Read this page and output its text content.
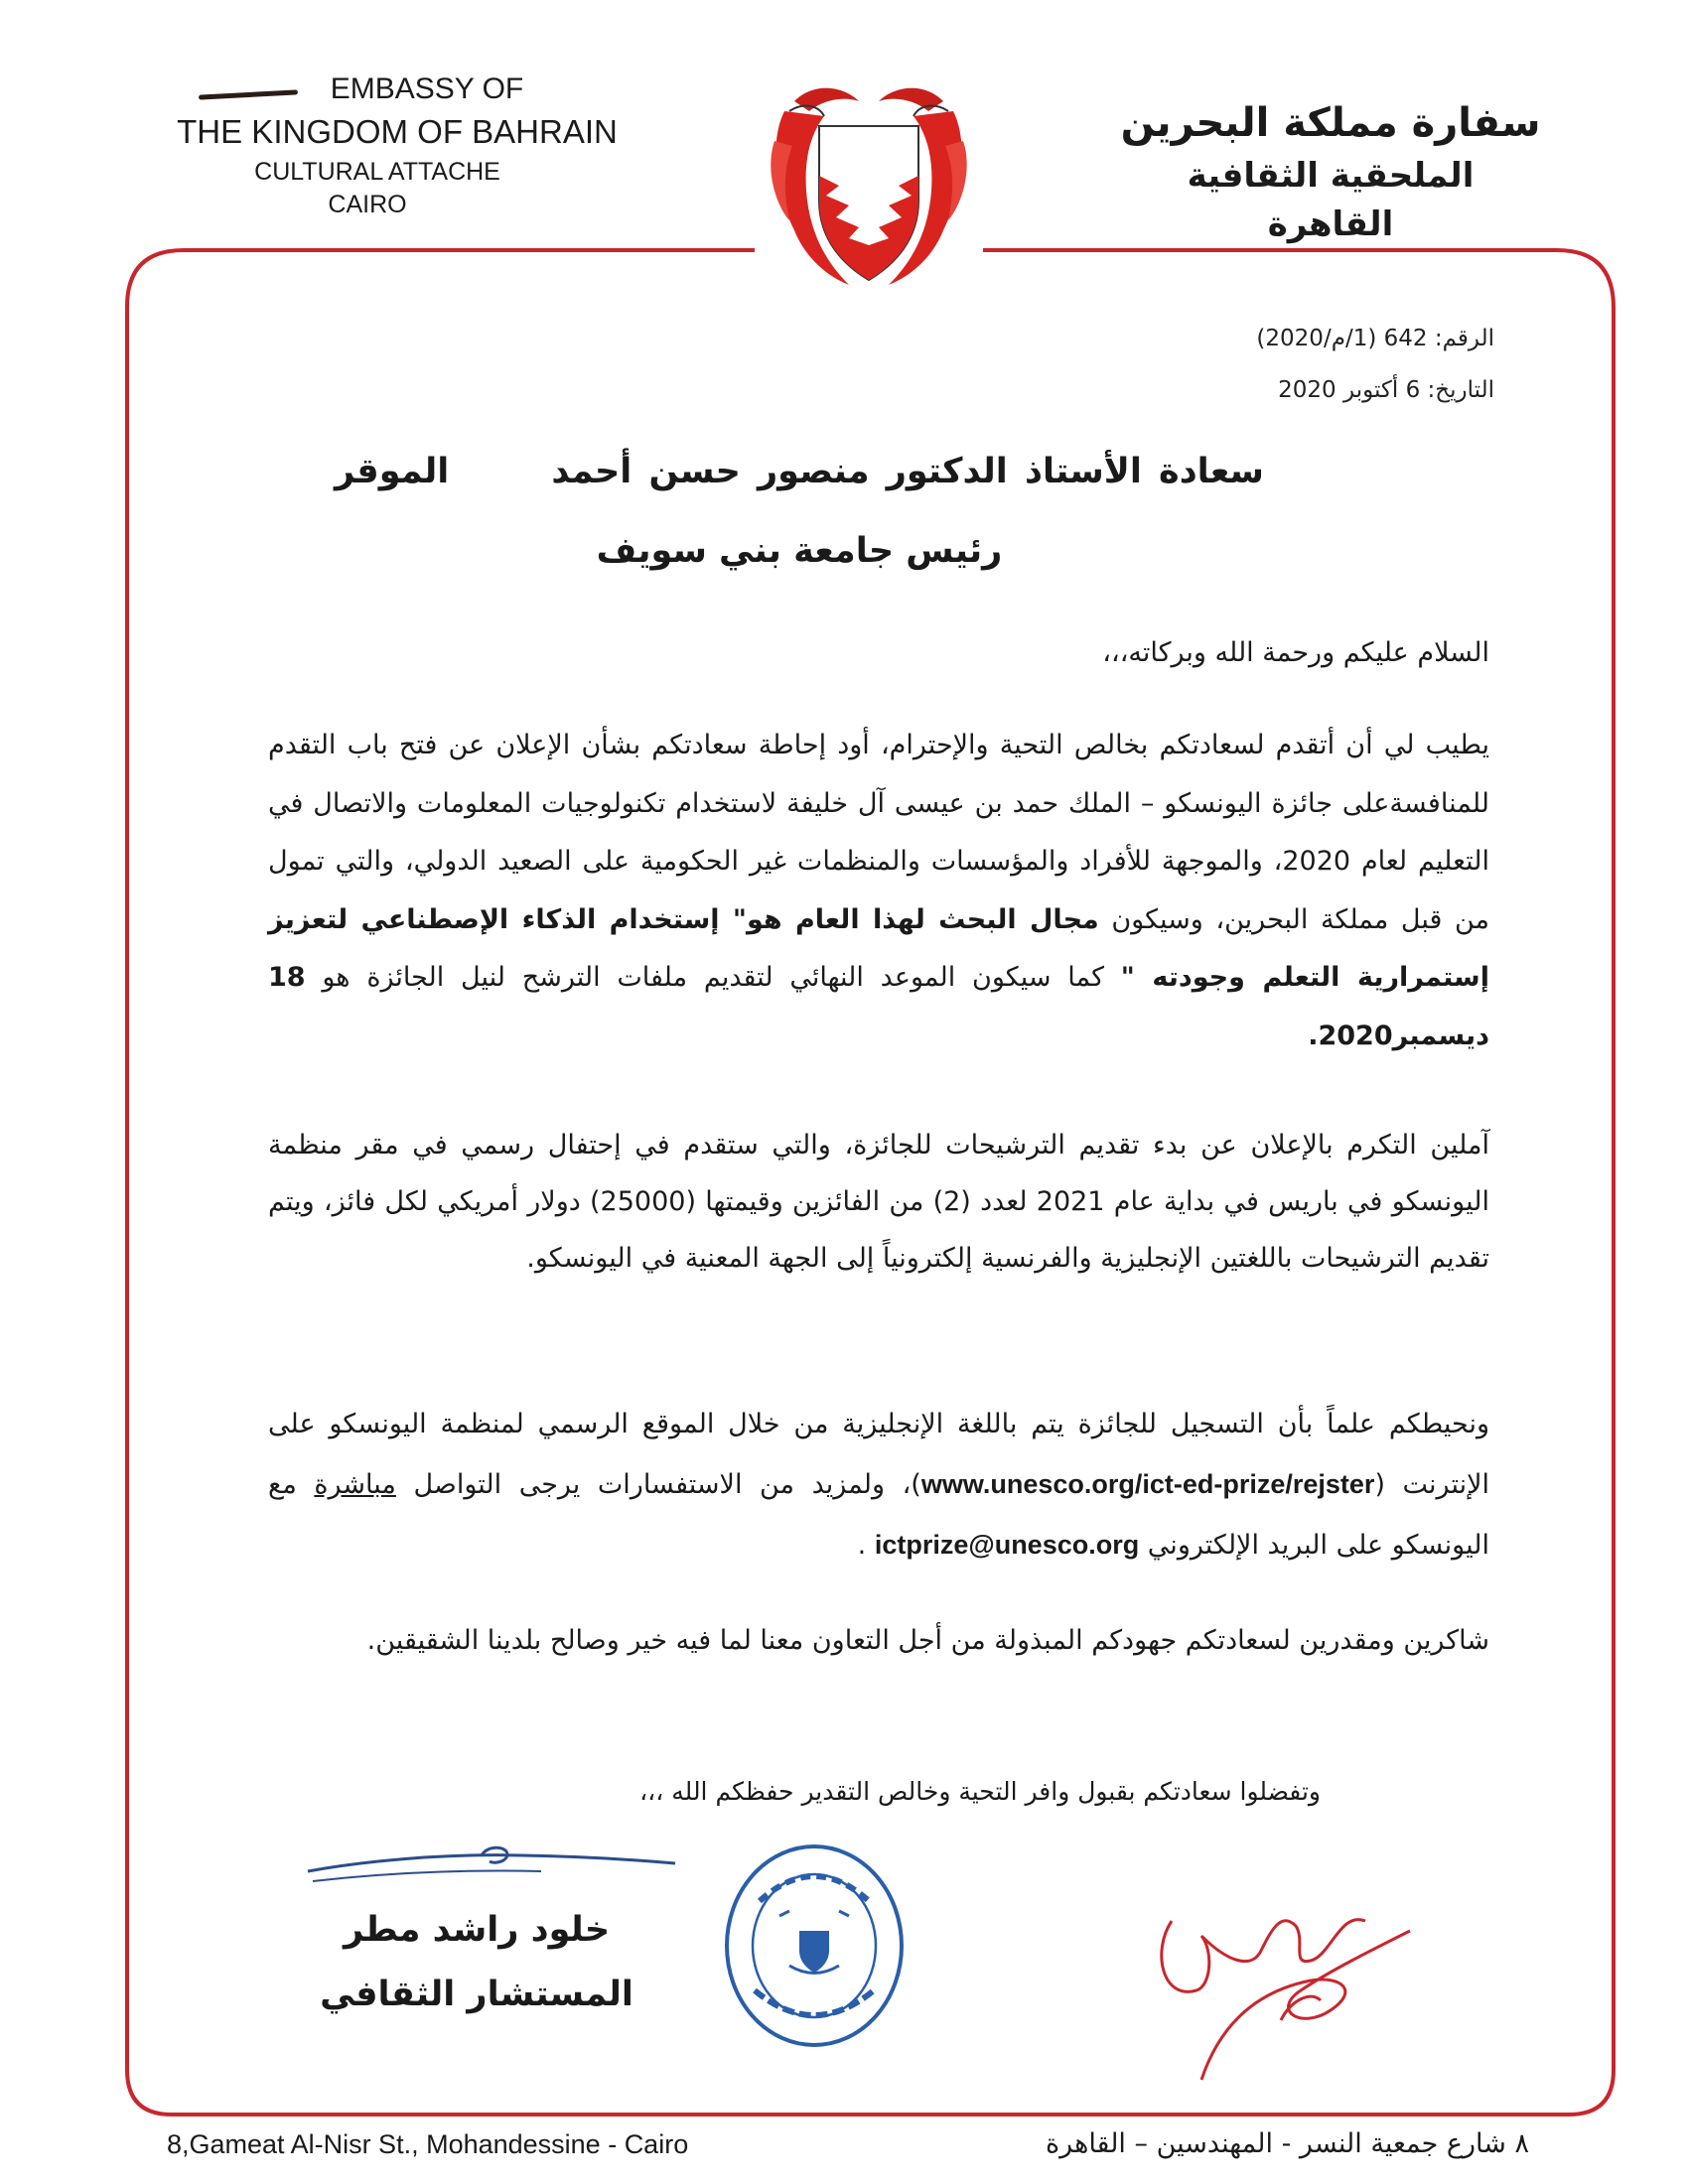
EMBASSY OF
THE KINGDOM OF BAHRAIN
CULTURAL ATTACHE
CAIRO
سفارة مملكة البحرين
الملحقية الثقافية
القاهرة
الرقم: 642 (1/م/2020)
التاريخ: 6 أكتوبر 2020
سعادة الأستاذ الدكتور منصور حسن أحمد      الموقر
رئيس جامعة بني سويف
السلام عليكم ورحمة الله وبركاته،،،
يطيب لي أن أتقدم لسعادتكم بخالص التحية والإحترام، أود إحاطة سعادتكم بشأن الإعلان عن فتح باب التقدم للمنافسةعلى جائزة اليونسكو – الملك حمد بن عيسى آل خليفة لاستخدام تكنولوجيات المعلومات والاتصال في التعليم لعام 2020، والموجهة للأفراد والمؤسسات والمنظمات غير الحكومية على الصعيد الدولي، والتي تمول من قبل مملكة البحرين، وسيكون مجال البحث لهذا العام هو" إستخدام الذكاء الإصطناعي لتعزيز إستمرارية التعلم وجودته " كما سيكون الموعد النهائي لتقديم ملفات الترشح لنيل الجائزة هو 18 ديسمبر2020.
آملين التكرم بالإعلان عن بدء تقديم الترشيحات للجائزة، والتي ستقدم في إحتفال رسمي في مقر منظمة اليونسكو في باريس في بداية عام 2021 لعدد (2) من الفائزين وقيمتها (25000) دولار أمريكي لكل فائز، ويتم تقديم الترشيحات باللغتين الإنجليزية والفرنسية إلكترونياً إلى الجهة المعنية في اليونسكو.
ونحيطكم علماً بأن التسجيل للجائزة يتم باللغة الإنجليزية من خلال الموقع الرسمي لمنظمة اليونسكو على الإنترنت (www.unesco.org/ict-ed-prize/rejster)، ولمزيد من الاستفسارات يرجى التواصل مباشرة مع اليونسكو على البريد الإلكتروني ictprize@unesco.org .
شاكرين ومقدرين لسعادتكم جهودكم المبذولة من أجل التعاون معنا لما فيه خير وصالح بلدينا الشقيقين.
وتفضلوا سعادتكم بقبول وافر التحية وخالص التقدير حفظكم الله ،،،
خلود راشد مطر
المستشار الثقافي
8,Gameat Al-Nisr St., Mohandessine - Cairo	٨ شارع جمعية النسر - المهندسين – القاهرة
